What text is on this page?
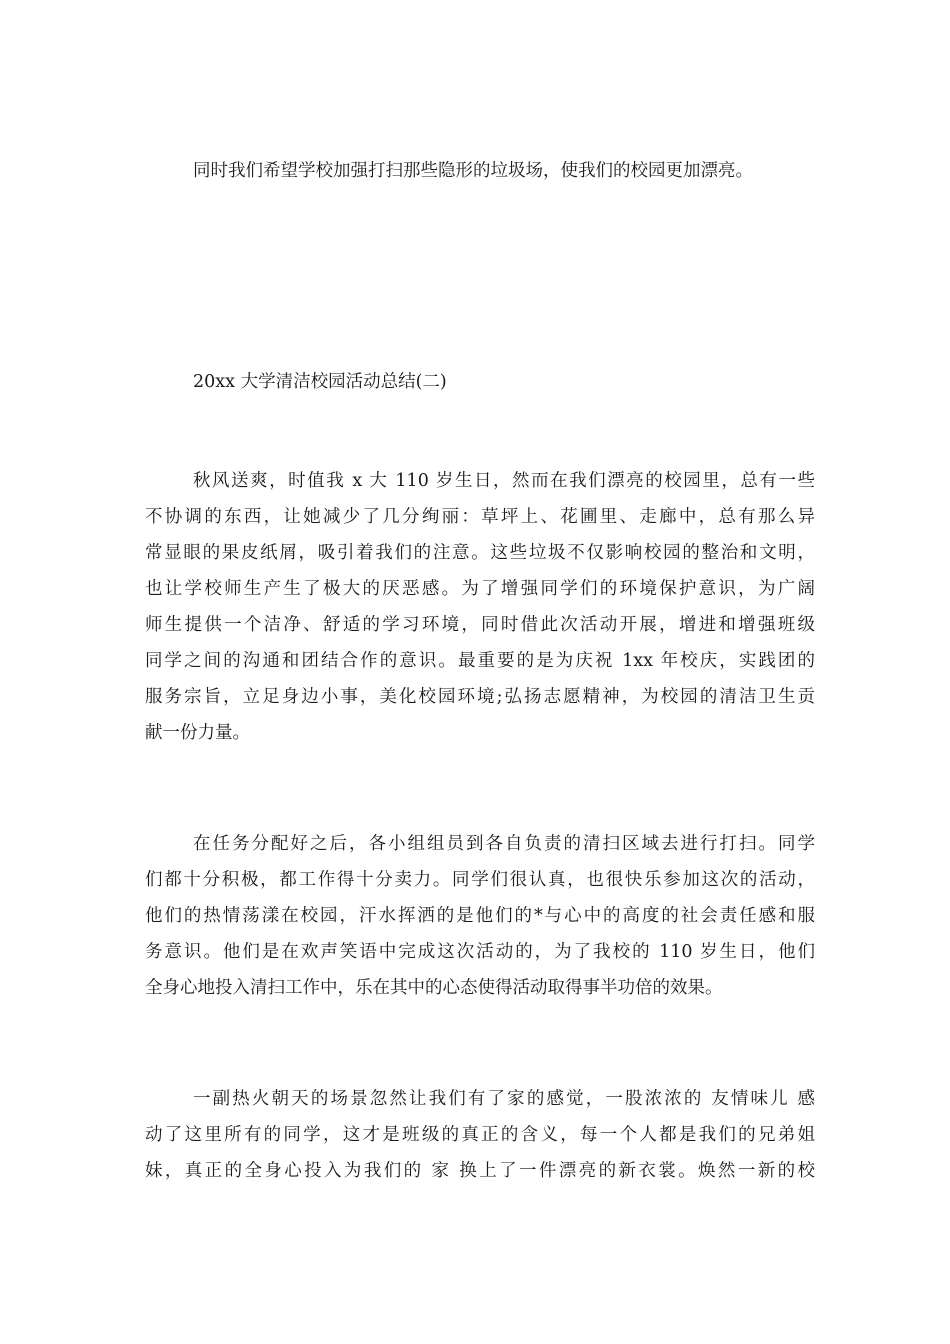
同时我们希望学校加强打扫那些隐形的垃圾场，使我们的校园更加漂亮。
20xx 大学清洁校园活动总结(二)
秋风送爽，时值我 x 大 110 岁生日，然而在我们漂亮的校园里，总有一些
不协调的东西，让她减少了几分绚丽：草坪上、花圃里、走廊中，总有那么异
常显眼的果皮纸屑，吸引着我们的注意。这些垃圾不仅影响校园的整治和文明，
也让学校师生产生了极大的厌恶感。为了增强同学们的环境保护意识，为广阔
师生提供一个洁净、舒适的学习环境，同时借此次活动开展，增进和增强班级
同学之间的沟通和团结合作的意识。最重要的是为庆祝 1xx 年校庆，实践团的
服务宗旨，立足身边小事，美化校园环境;弘扬志愿精神，为校园的清洁卫生贡
献一份力量。
在任务分配好之后，各小组组员到各自负责的清扫区域去进行打扫。同学
们都十分积极，都工作得十分卖力。同学们很认真，也很快乐参加这次的活动，
他们的热情荡漾在校园，汗水挥洒的是他们的*与心中的高度的社会责任感和服
务意识。他们是在欢声笑语中完成这次活动的，为了我校的 110 岁生日，他们
全身心地投入清扫工作中，乐在其中的心态使得活动取得事半功倍的效果。
一副热火朝天的场景忽然让我们有了家的感觉，一股浓浓的 友情味儿 感
动了这里所有的同学，这才是班级的真正的含义，每一个人都是我们的兄弟姐
妹，真正的全身心投入为我们的 家 换上了一件漂亮的新衣裳。焕然一新的校
